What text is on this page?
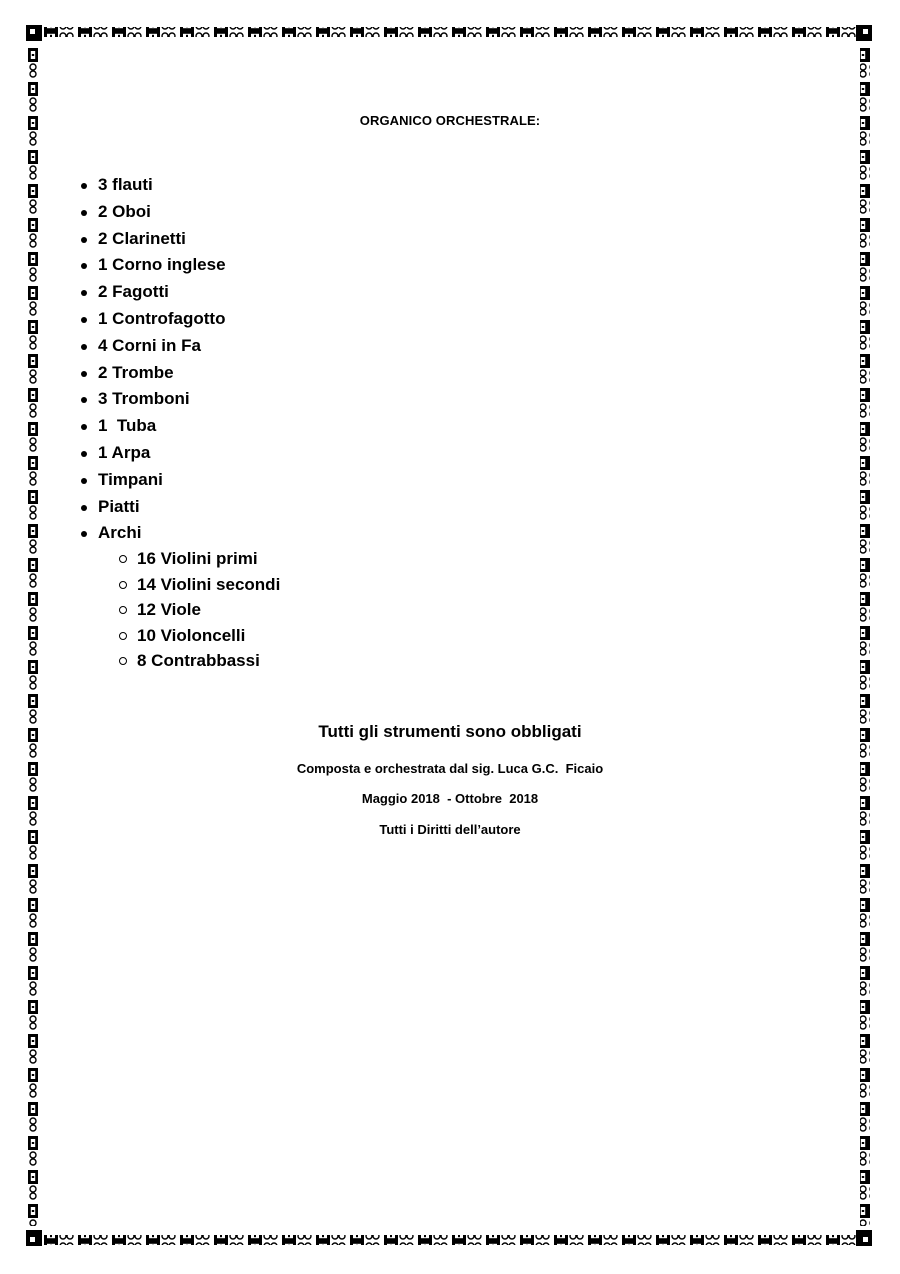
ORGANICO ORCHESTRALE:
3 flauti
2 Oboi
2 Clarinetti
1 Corno inglese
2 Fagotti
1 Controfagotto
4 Corni in Fa
2 Trombe
3 Tromboni
1  Tuba
1 Arpa
Timpani
Piatti
Archi
16 Violini primi
14 Violini secondi
12 Viole
10 Violoncelli
8 Contrabbassi
Tutti gli strumenti sono obbligati
Composta e orchestrata dal sig. Luca G.C.  Ficaio
Maggio 2018  - Ottobre  2018
Tutti i Diritti dell’autore
